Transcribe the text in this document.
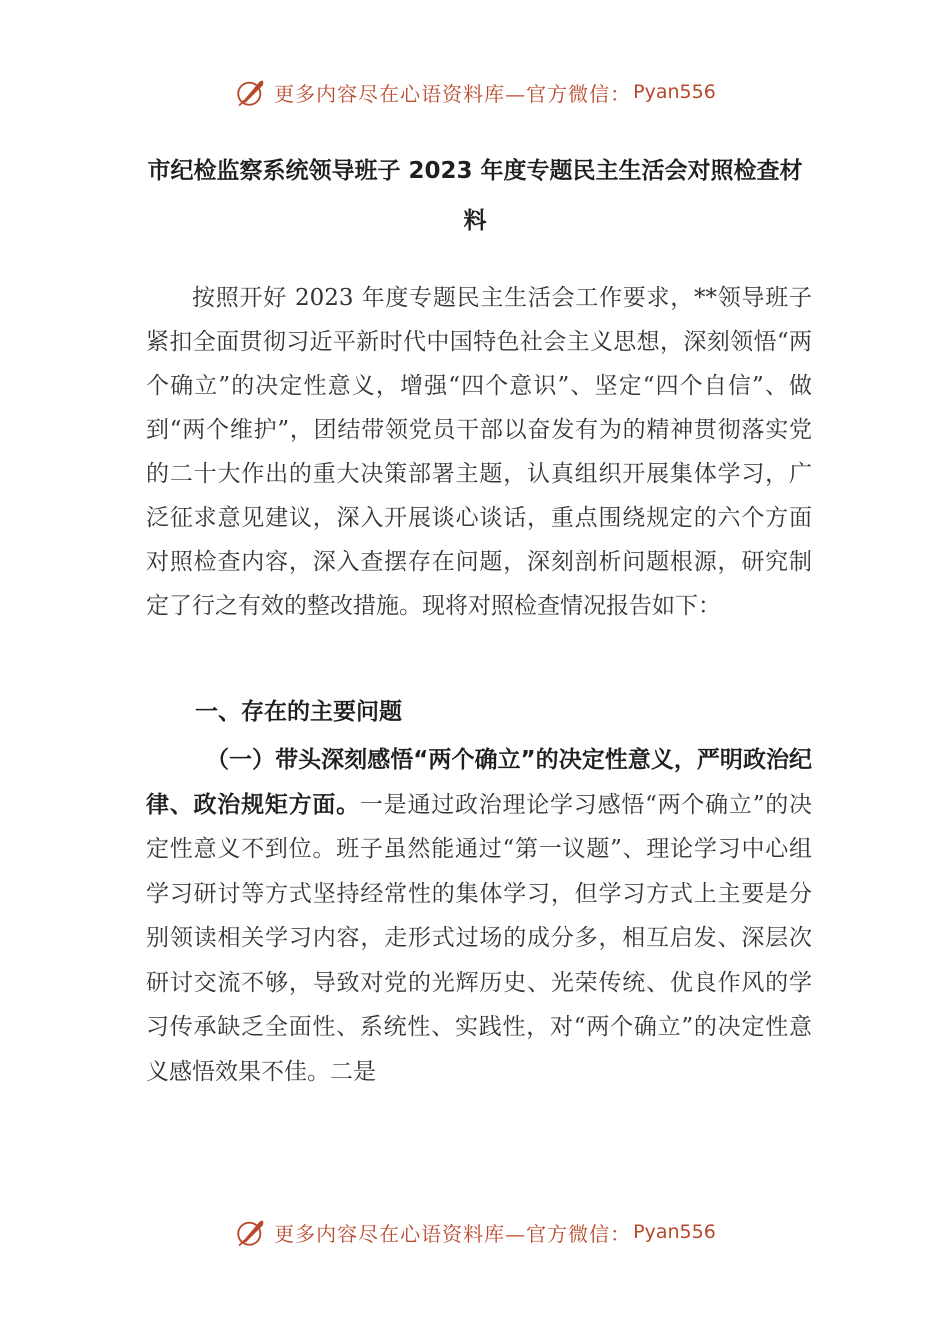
更多内容尽在心语资料库—官方微信： Pyan556
市纪检监察系统领导班子 2023 年度专题民主生活会对照检查材料

按照开好 2023 年度专题民主生活会工作要求，**领导班子紧扣全面贯彻习近平新时代中国特色社会主义思想，深刻领悟“两个确立”的决定性意义，增强“四个意识”、坚定“四个自信”、做到“两个维护”，团结带领党员干部以奋发有为的精神贯彻落实党的二十大作出的重大决策部署主题，认真组织开展集体学习，广泛征求意见建议，深入开展谈心谈话，重点围绕规定的六个方面对照检查内容，深入查摆存在问题，深刻剖析问题根源，研究制定了行之有效的整改措施。现将对照检查情况报告如下：

一、存在的主要问题

（一）带头深刻感悟“两个确立”的决定性意义，严明政治纪律、政治规矩方面。一是通过政治理论学习感悟“两个确立”的决定性意义不到位。班子虽然能通过“第一议题”、理论学习中心组学习研讨等方式坚持经常性的集体学习，但学习方式上主要是分别领读相关学习内容，走形式过场的成分多，相互启发、深层次研讨交流不够，导致对党的光辉历史、光荣传统、优良作风的学习传承缺乏全面性、系统性、实践性，对“两个确立”的决定性意义感悟效果不佳。二是

更多内容尽在心语资料库—官方微信： Pyan556
